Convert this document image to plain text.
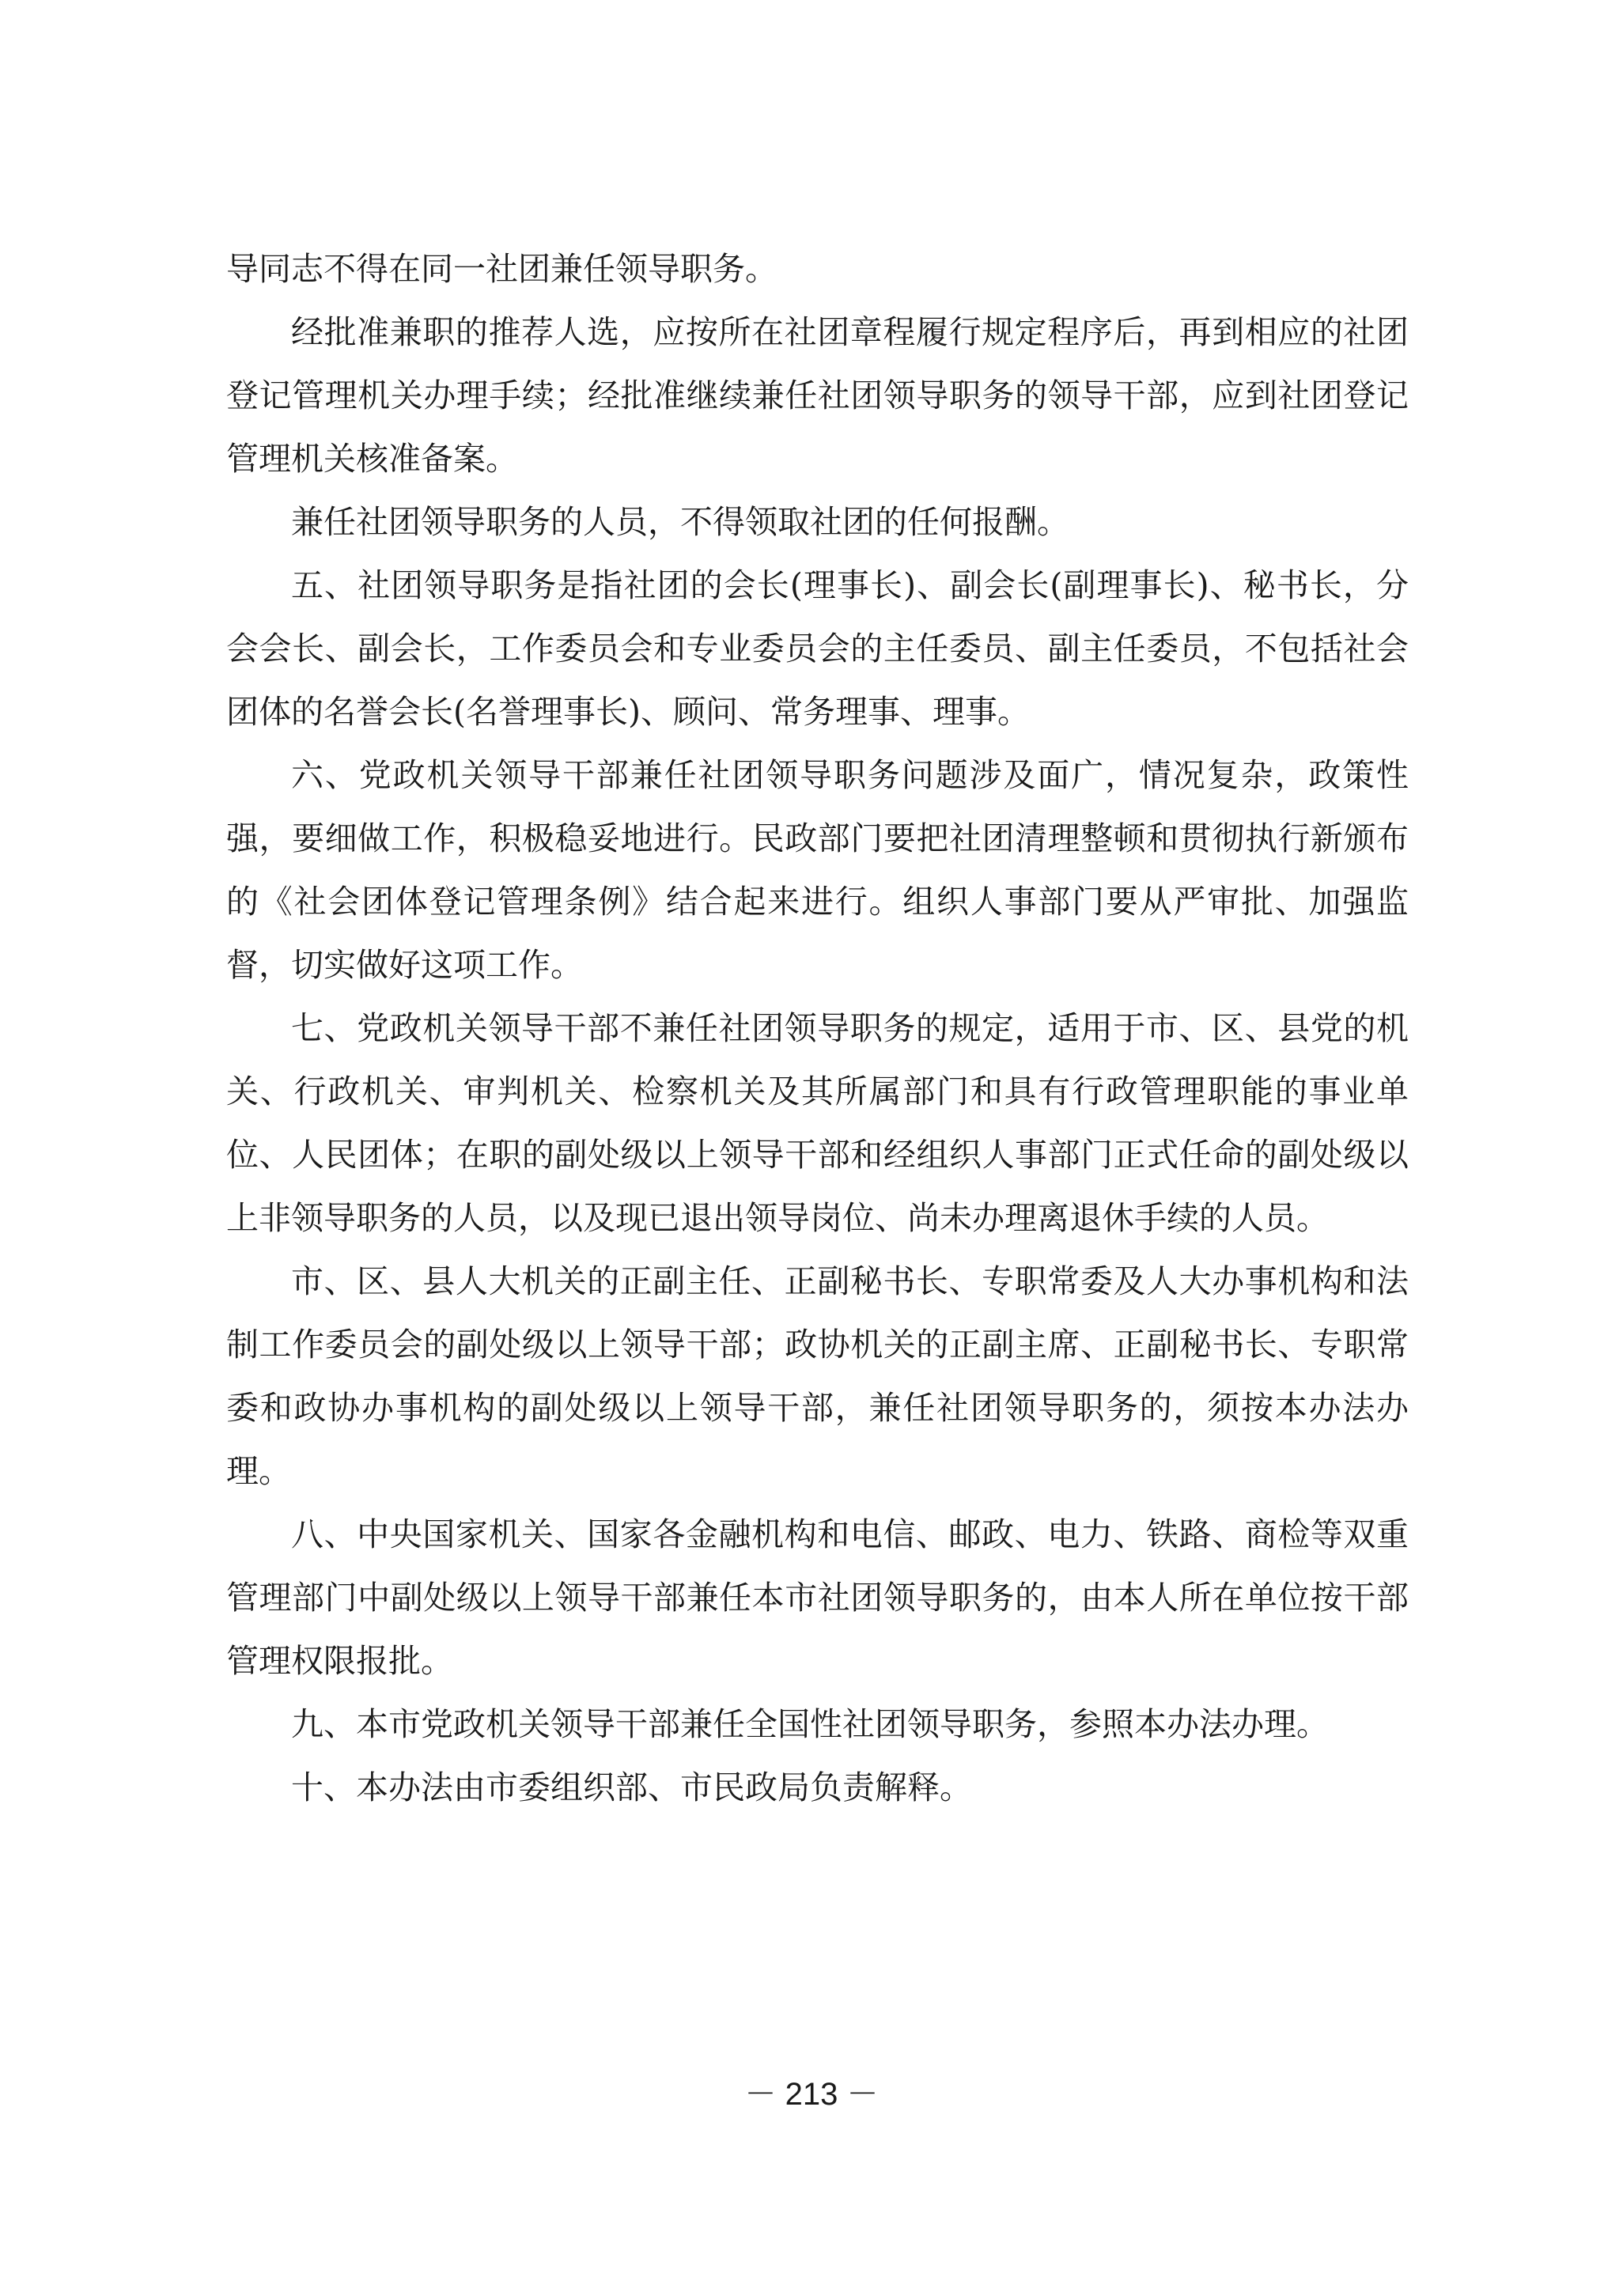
导同志不得在同一社团兼任领导职务。

经批准兼职的推荐人选，应按所在社团章程履行规定程序后，再到相应的社团登记管理机关办理手续；经批准继续兼任社团领导职务的领导干部，应到社团登记管理机关核准备案。

兼任社团领导职务的人员，不得领取社团的任何报酬。

五、社团领导职务是指社团的会长(理事长)、副会长(副理事长)、秘书长，分会会长、副会长，工作委员会和专业委员会的主任委员、副主任委员，不包括社会团体的名誉会长(名誉理事长)、顾问、常务理事、理事。

六、党政机关领导干部兼任社团领导职务问题涉及面广，情况复杂，政策性强，要细做工作，积极稳妥地进行。民政部门要把社团清理整顿和贯彻执行新颁布的《社会团体登记管理条例》结合起来进行。组织人事部门要从严审批、加强监督，切实做好这项工作。

七、党政机关领导干部不兼任社团领导职务的规定，适用于市、区、县党的机关、行政机关、审判机关、检察机关及其所属部门和具有行政管理职能的事业单位、人民团体；在职的副处级以上领导干部和经组织人事部门正式任命的副处级以上非领导职务的人员，以及现已退出领导岗位、尚未办理离退休手续的人员。

市、区、县人大机关的正副主任、正副秘书长、专职常委及人大办事机构和法制工作委员会的副处级以上领导干部；政协机关的正副主席、正副秘书长、专职常委和政协办事机构的副处级以上领导干部，兼任社团领导职务的，须按本办法办理。

八、中央国家机关、国家各金融机构和电信、邮政、电力、铁路、商检等双重管理部门中副处级以上领导干部兼任本市社团领导职务的，由本人所在单位按干部管理权限报批。

九、本市党政机关领导干部兼任全国性社团领导职务，参照本办法办理。

十、本办法由市委组织部、市民政局负责解释。

－ 213 －
